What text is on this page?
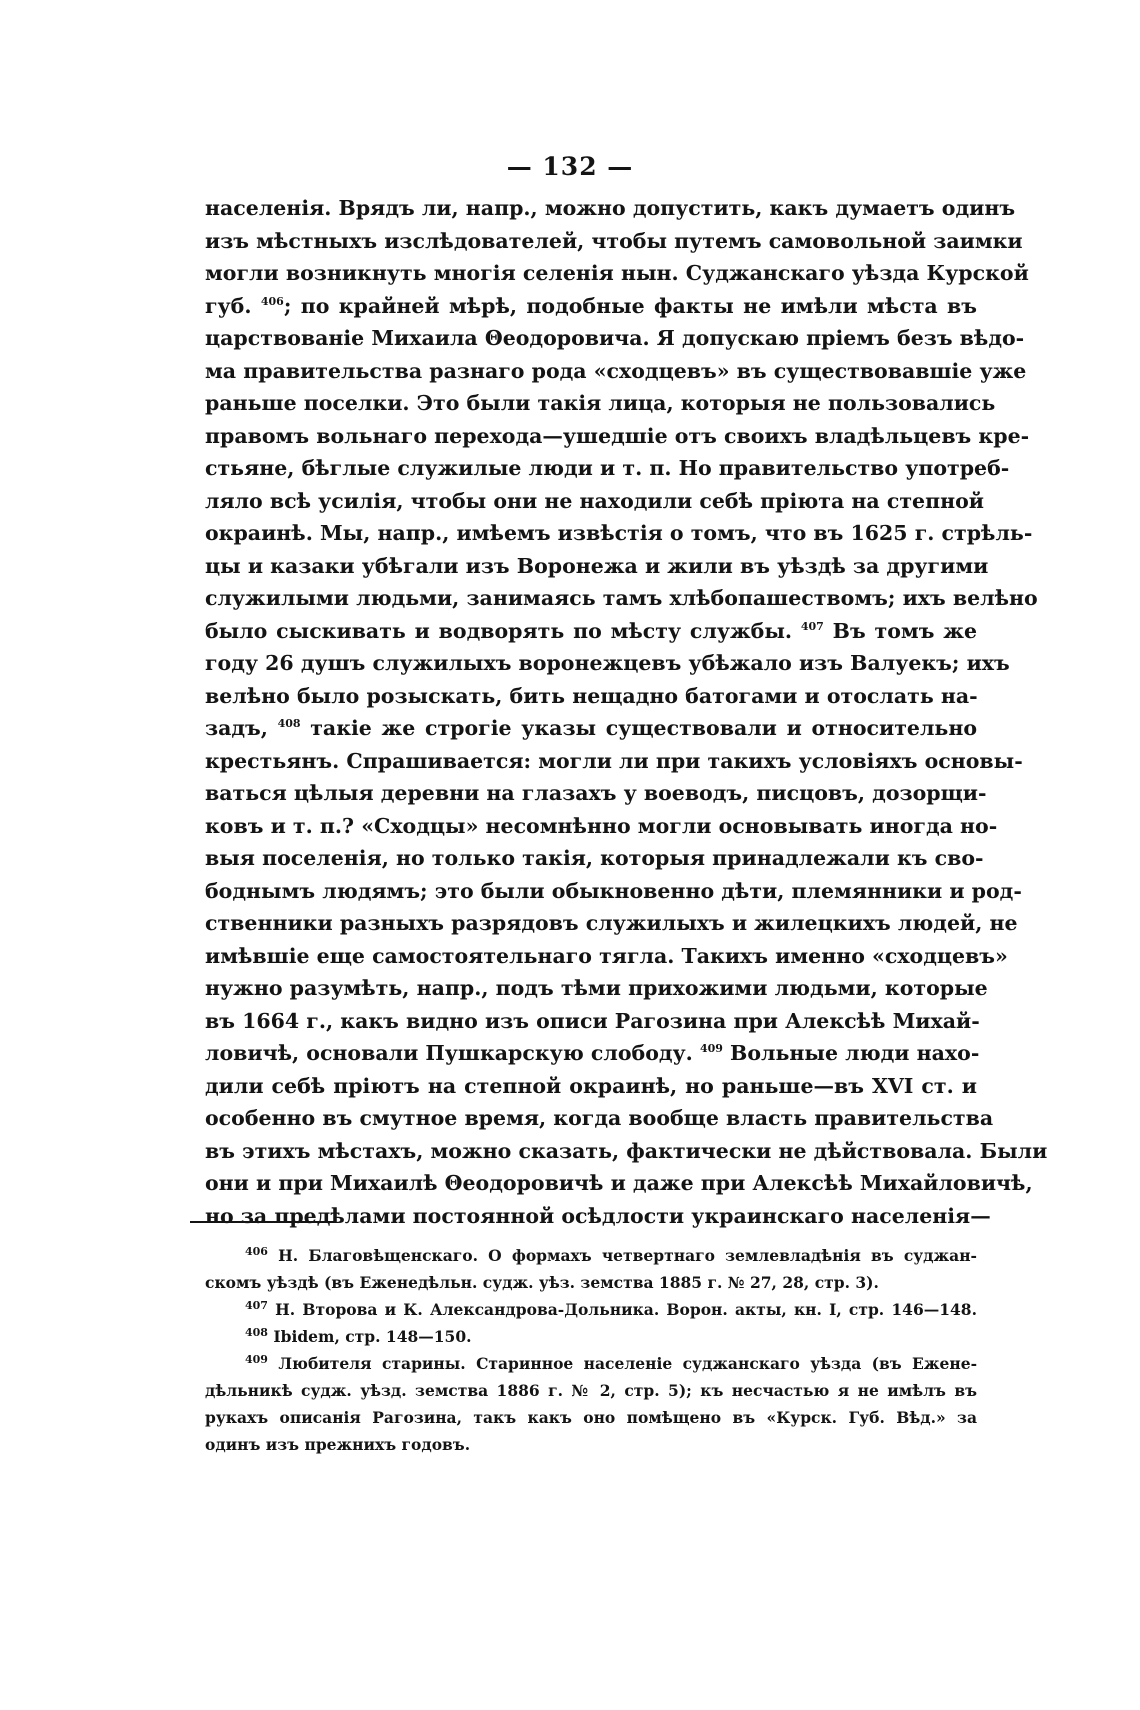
— 132 —
населенія. Врядъ ли, напр., можно допустить, какъ думаетъ одинъ
изъ мѣстныхъ изслѣдователей, чтобы путемъ самовольной заимки
могли возникнуть многія селенія нын. Суджанскаго уѣзда Курской
губ. $^{406}$; по крайней мѣрѣ, подобные факты не имѣли мѣста въ
царствованіе Михаила Θеодоровича. Я допускаю пріемъ безъ вѣдо-
ма правительства разнаго рода «сходцевъ» въ существовавшіе уже
раньше поселки. Это были такія лица, которыя не пользовались
правомъ вольнаго перехода—ушедшіе отъ своихъ владѣльцевъ кре-
стьяне, бѣглые служилые люди и т. п. Но правительство употреб-
ляло всѣ усилія, чтобы они не находили себѣ пріюта на степной
окраинѣ. Мы, напр., имѣемъ извѣстія о томъ, что въ 1625 г. стрѣль-
цы и казаки убѣгали изъ Воронежа и жили въ уѣздѣ за другими
служилыми людьми, занимаясь тамъ хлѣбопашествомъ; ихъ велѣно
было сыскивать и водворять по мѣсту службы. $^{407}$ Въ томъ же
году 26 душъ служилыхъ воронежцевъ убѣжало изъ Валуекъ; ихъ
велѣно было розыскать, бить нещадно батогами и отослать на-
задъ, $^{408}$ такіе же строгіе указы существовали и относительно
крестьянъ. Спрашивается: могли ли при такихъ условіяхъ основы-
ваться цѣлыя деревни на глазахъ у воеводъ, писцовъ, дозорщи-
ковъ и т. п.? «Сходцы» несомнѣнно могли основывать иногда но-
выя поселенія, но только такія, которыя принадлежали къ сво-
боднымъ людямъ; это были обыкновенно дѣти, племянники и род-
ственники разныхъ разрядовъ служилыхъ и жилецкихъ людей, не
имѣвшіе еще самостоятельнаго тягла. Такихъ именно «сходцевъ»
нужно разумѣть, напр., подъ тѣми прихожими людьми, которые
въ 1664 г., какъ видно изъ описи Рагозина при Алексѣѣ Михай-
ловичѣ, основали Пушкарскую слободу. $^{409}$ Вольные люди нахо-
дили себѣ пріютъ на степной окраинѣ, но раньше—въ XVI ст. и
особенно въ смутное время, когда вообще власть правительства
въ этихъ мѣстахъ, можно сказать, фактически не дѣйствовала. Были
они и при Михаилѣ Θеодоровичѣ и даже при Алексѣѣ Михайловичѣ,
но за предѣлами постоянной осѣдлости украинскаго населенія—
$^{406}$ Н. Благовѣщенскаго. О формахъ четвертнаго землевладѣнія въ суджан-
скомъ уѣздѣ (въ Еженедѣльн. судж. уѣз. земства 1885 г. № 27, 28, стр. 3).
$^{407}$ Н. Второва и К. Александрова-Дольника. Ворон. акты, кн. I, стр. 146—148.
$^{408}$ Ibidem, стр. 148—150.
$^{409}$ Любителя старины. Старинное населеніе суджанскаго уѣзда (въ Еженe-
дѣльникѣ судж. уѣзд. земства 1886 г. № 2, стр. 5); къ несчастью я не имѣлъ въ
рукахъ описанія Рагозина, такъ какъ оно помѣщено въ «Курск. Губ. Вѣд.» за
одинъ изъ прежнихъ годовъ.
